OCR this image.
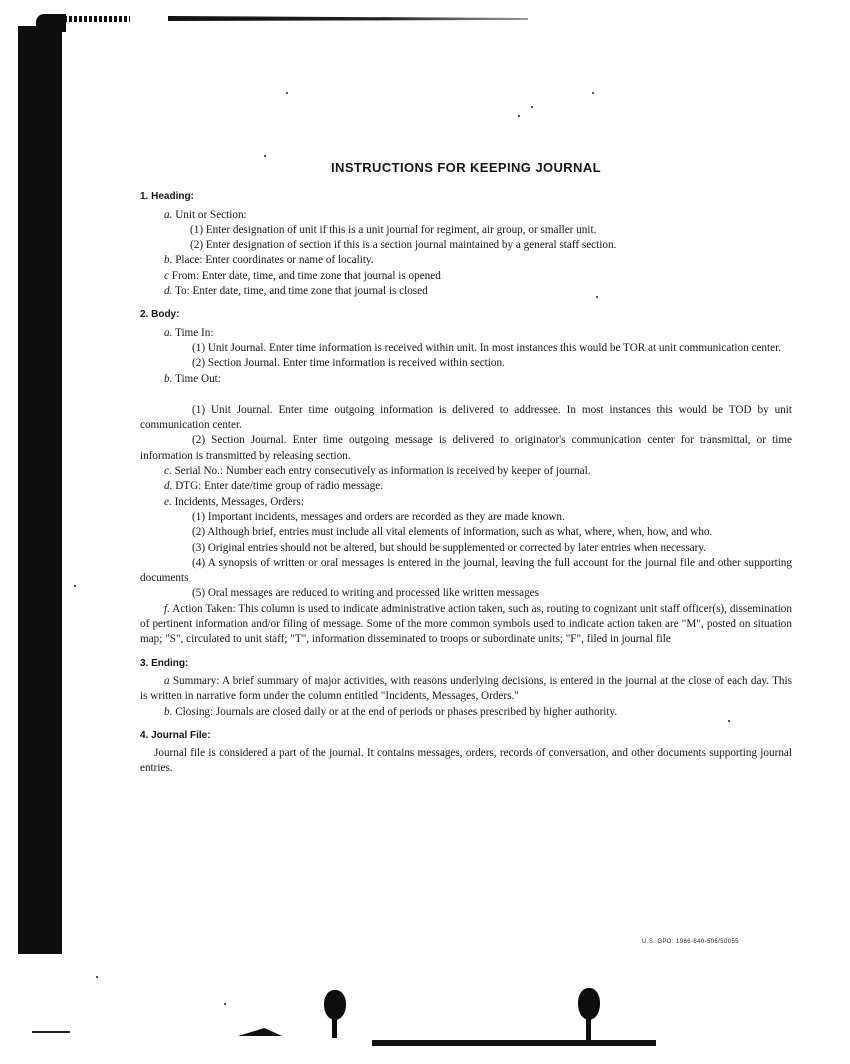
INSTRUCTIONS FOR KEEPING JOURNAL
1. Heading:
a. Unit or Section:
(1) Enter designation of unit if this is a unit journal for regiment, air group, or smaller unit.
(2) Enter designation of section if this is a section journal maintained by a general staff section.
b. Place: Enter coordinates or name of locality.
c From: Enter date, time, and time zone that journal is opened
d. To: Enter date, time, and time zone that journal is closed
2. Body:
a. Time In:
(1) Unit Journal. Enter time information is received within unit. In most instances this would be TOR at unit communication center.
(2) Section Journal. Enter time information is received within section.
b. Time Out:
(1) Unit Journal. Enter time outgoing information is delivered to addressee. In most instances this would be TOD by unit communication center.
(2) Section Journal. Enter time outgoing message is delivered to originator's communication center for transmittal, or time information is transmitted by releasing section.
c. Serial No.: Number each entry consecutively as information is received by keeper of journal.
d. DTG: Enter date/time group of radio message.
e. Incidents, Messages, Orders:
(1) Important incidents, messages and orders are recorded as they are made known.
(2) Although brief, entries must include all vital elements of information, such as what, where, when, how, and who.
(3) Original entries should not be altered, but should be supplemented or corrected by later entries when necessary.
(4) A synopsis of written or oral messages is entered in the journal, leaving the full account for the journal file and other supporting documents
(5) Oral messages are reduced to writing and processed like written messages
f. Action Taken: This column is used to indicate administrative action taken, such as, routing to cognizant unit staff officer(s), dissemination of pertinent information and/or filing of message. Some of the more common symbols used to indicate action taken are "M", posted on situation map; "S", circulated to unit staff; "T", information disseminated to troops or subordinate units; "F", filed in journal file
3. Ending:
a Summary: A brief summary of major activities, with reasons underlying decisions, is entered in the journal at the close of each day. This is written in narrative form under the column entitled "Incidents, Messages, Orders."
b. Closing: Journals are closed daily or at the end of periods or phases prescribed by higher authority.
4. Journal File:
Journal file is considered a part of the journal. It contains messages, orders, records of conversation, and other documents supporting journal entries.
U.S. GPO: 1986-640-506/50055
